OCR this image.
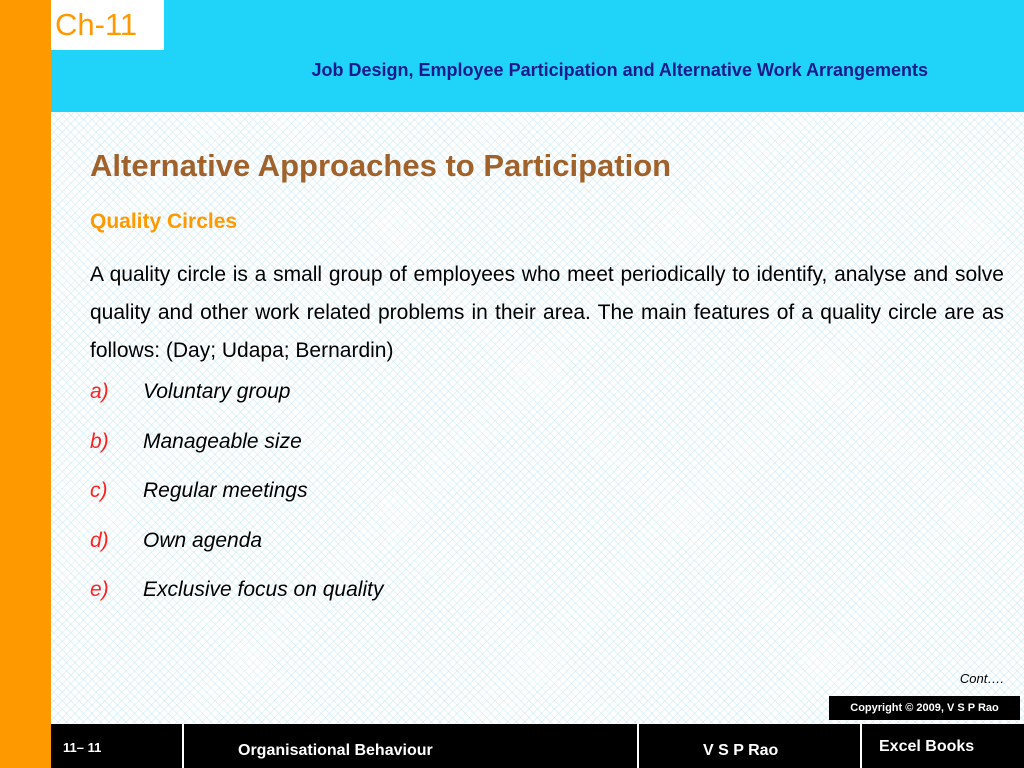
Ch-11
Job Design, Employee Participation and Alternative Work Arrangements
Alternative Approaches to Participation
Quality Circles
A quality circle is a small group of employees who meet periodically to identify, analyse and solve quality and other work related problems in their area. The main features of a quality circle are as follows: (Day; Udapa; Bernardin)
a) Voluntary group
b) Manageable size
c) Regular meetings
d) Own agenda
e) Exclusive focus on quality
Cont….
Copyright © 2009, V S P Rao
11– 11	Organisational Behaviour	V S P Rao	Excel Books
